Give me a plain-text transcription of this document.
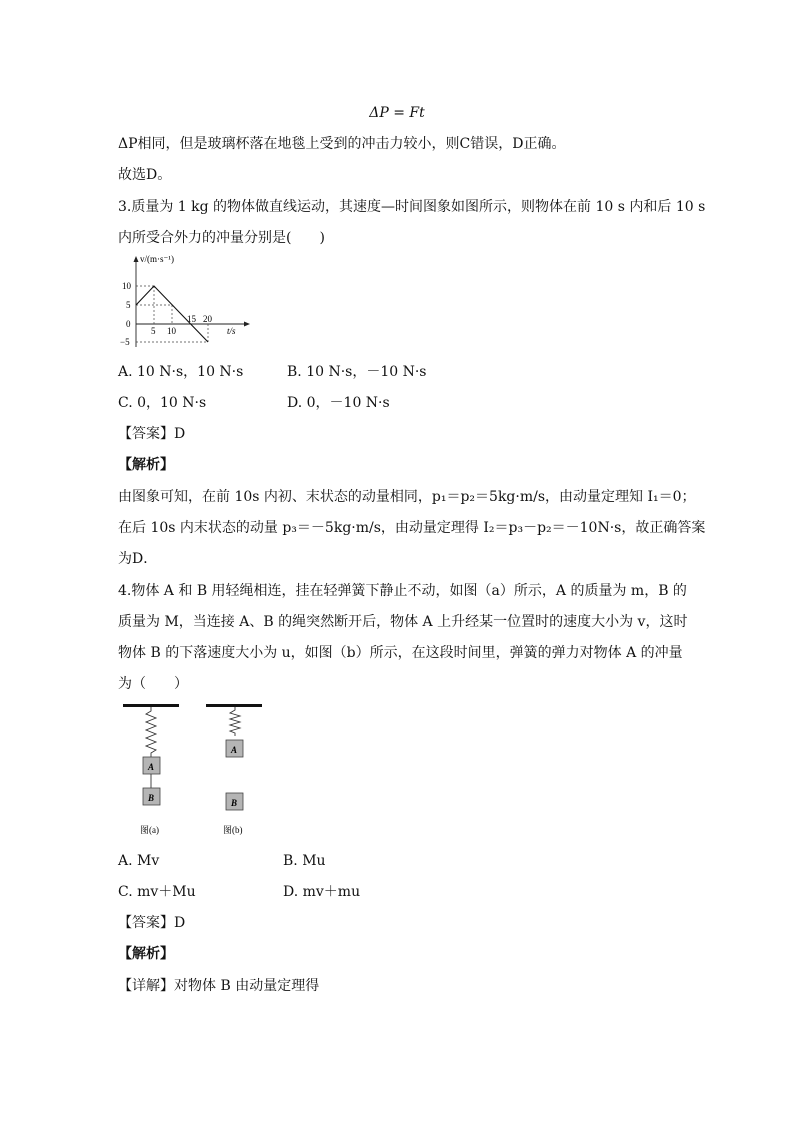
ΔP = Ft
ΔP相同，但是玻璃杯落在地毯上受到的冲击力较小，则C错误，D正确。
故选D。
3.质量为 1 kg 的物体做直线运动，其速度—时间图象如图所示，则物体在前 10 s 内和后 10 s
内所受合外力的冲量分别是(　　)
v/(m·s⁻¹)
t/s
10
5
0
−5
5 10
15 20
A. 10 N·s，10 N·s	B. 10 N·s，－10 N·s
C. 0，10 N·s	D. 0，－10 N·s
【答案】D
【解析】
由图象可知，在前 10s 内初、末状态的动量相同，p₁＝p₂＝5kg·m/s，由动量定理知 I₁＝0；
在后 10s 内末状态的动量 p₃＝－5kg·m/s，由动量定理得 I₂＝p₃－p₂＝－10N·s，故正确答案
为D．
4.物体 A 和 B 用轻绳相连，挂在轻弹簧下静止不动，如图（a）所示，A 的质量为 m，B 的
质量为 M，当连接 A、B 的绳突然断开后，物体 A 上升经某一位置时的速度大小为 v，这时
物体 B 的下落速度大小为 u，如图（b）所示，在这段时间里，弹簧的弹力对物体 A 的冲量
为（　　）
A
B
图(a)
A
B
图(b)
A. Mv	B. Mu
C. mv＋Mu	D. mv＋mu
【答案】D
【解析】
【详解】对物体 B 由动量定理得
